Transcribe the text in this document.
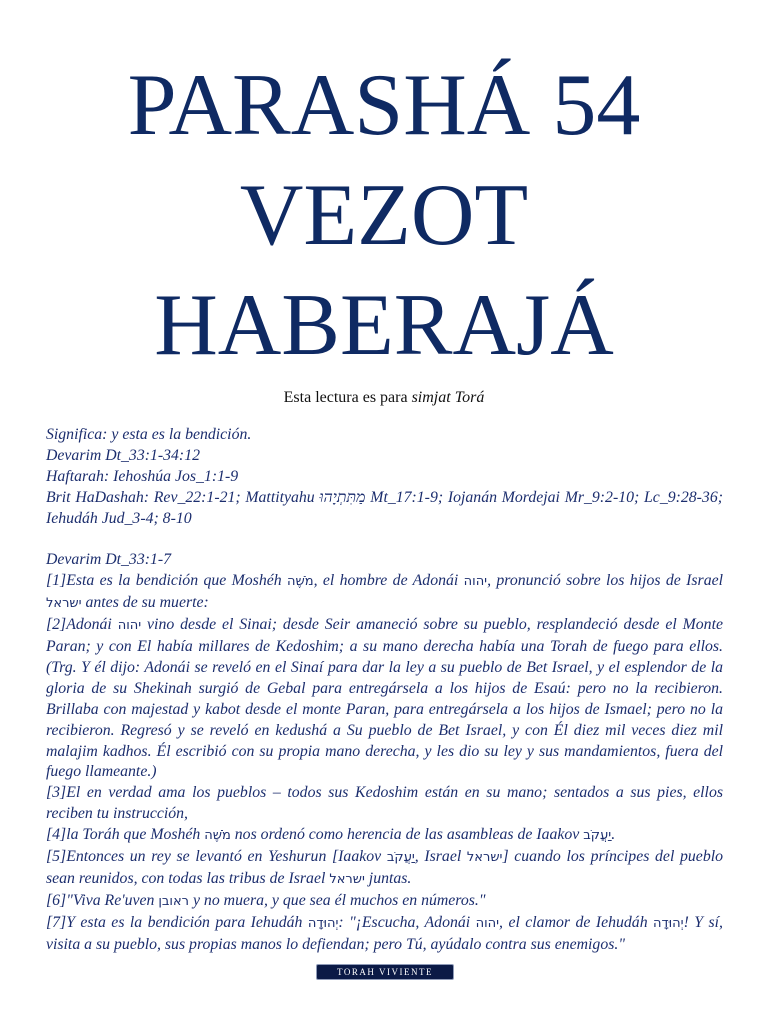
PARASHÁ 54
VEZOT
HABERAJÁ
Esta lectura es para simjat Torá

Significa: y esta es la bendición.

Devarim Dt_33:1-34:12

Haftarah: Iehoshúa Jos_1:1-9

Brit HaDashah: Rev_22:1-21; Mattityahu מַתִּתְיָהוּ Mt_17:1-9; Iojanán Mordejai Mr_9:2-10; Lc_9:28-36; Iehudáh Jud_3-4; 8-10

Devarim Dt_33:1-7

[1]Esta es la bendición que Moshéh מֹשֶׁה, el hombre de Adonái יהוה, pronunció sobre los hijos de Israel ישראל antes de su muerte:

[2]Adonái יהוה vino desde el Sinai; desde Seir amaneció sobre su pueblo, resplandeció desde el Monte Paran; y con El había millares de Kedoshim; a su mano derecha había una Torah de fuego para ellos. (Trg. Y él dijo: Adonái se reveló en el Sinaí para dar la ley a su pueblo de Bet Israel, y el esplendor de la gloria de su Shekinah surgió de Gebal para entregársela a los hijos de Esaú: pero no la recibieron. Brillaba con majestad y kabot desde el monte Paran, para entregársela a los hijos de Ismael; pero no la recibieron. Regresó y se reveló en kedushá a Su pueblo de Bet Israel, y con Él diez mil veces diez mil malajim kadhos. Él escribió con su propia mano derecha, y les dio su ley y sus mandamientos, fuera del fuego llameante.)

[3]El en verdad ama los pueblos – todos sus Kedoshim están en su mano; sentados a sus pies, ellos reciben tu instrucción,

[4]la Toráh que Moshéh מֹשֶׁה nos ordenó como herencia de las asambleas de Iaakov יַעֲקֹב.

[5]Entonces un rey se levantó en Yeshurun [Iaakov יַעֲקֹב, Israel ישראל] cuando los príncipes del pueblo sean reunidos, con todas las tribus de Israel ישראל juntas.

[6]"Viva Re'uven ראובן y no muera, y que sea él muchos en números."

[7]Y esta es la bendición para Iehudáh יְהוּדָה: "¡Escucha, Adonái יהוה, el clamor de Iehudáh יְהוּדָה! Y sí, visita a su pueblo, sus propias manos lo defiendan; pero Tú, ayúdalo contra sus enemigos."

TORAH VIVIENTE
